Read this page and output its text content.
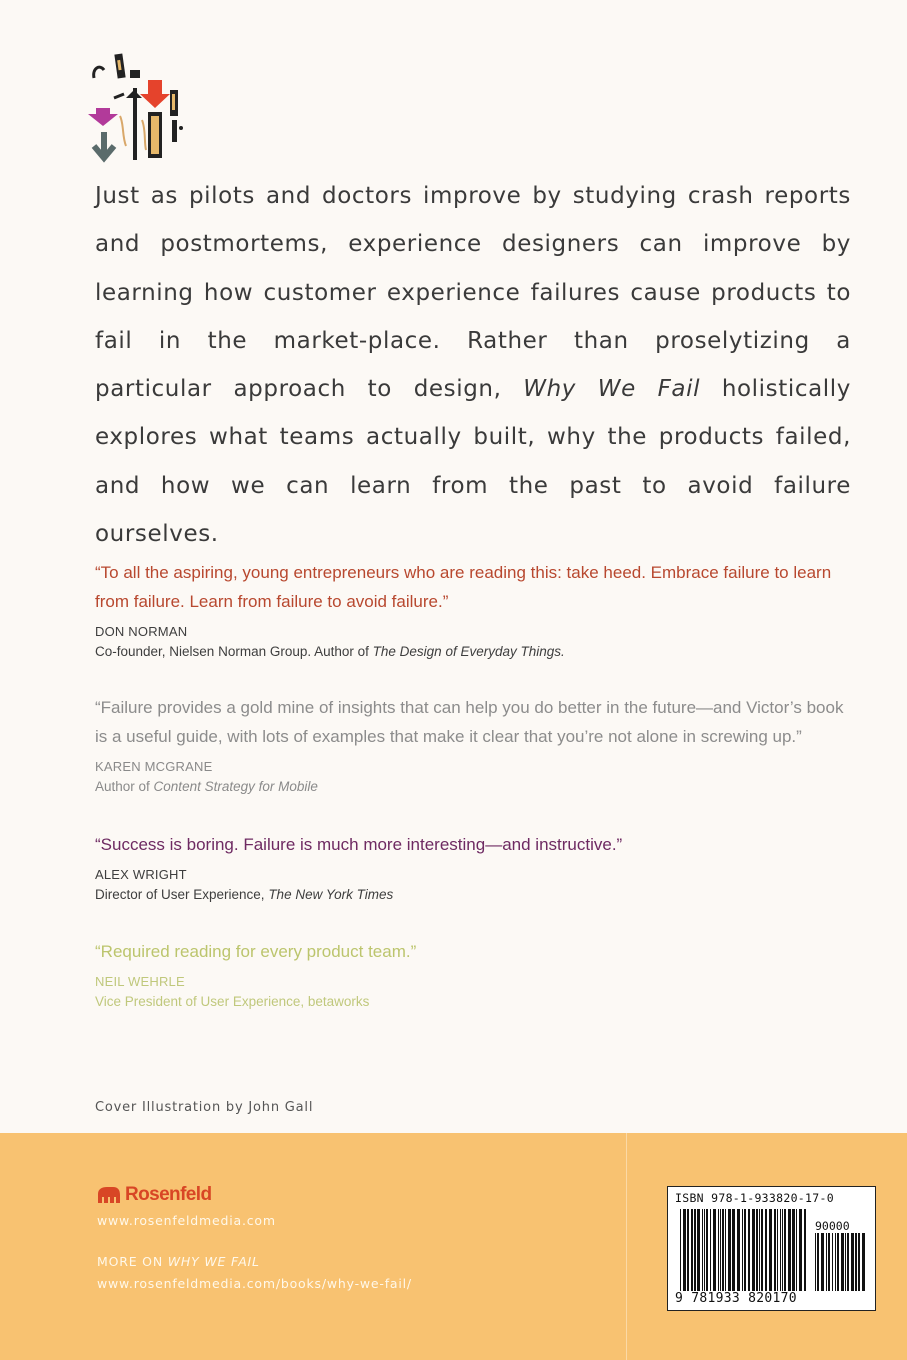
Just as pilots and doctors improve by studying crash reports and postmortems, experience designers can improve by learning how customer experience failures cause products to fail in the market-place. Rather than proselytizing a particular approach to design, Why We Fail holistically explores what teams actually built, why the products failed, and how we can learn from the past to avoid failure ourselves.

“To all the aspiring, young entrepreneurs who are reading this: take heed. Embrace failure to learn from failure. Learn from failure to avoid failure.”

DON NORMAN

Co-founder, Nielsen Norman Group. Author of The Design of Everyday Things.

“Failure provides a gold mine of insights that can help you do better in the future—and Victor’s book is a useful guide, with lots of examples that make it clear that you’re not alone in screwing up.”

KAREN MCGRANE

Author of Content Strategy for Mobile

“Success is boring. Failure is much more interesting—and instructive.”

ALEX WRIGHT

Director of User Experience, The New York Times

“Required reading for every product team.”

NEIL WEHRLE

Vice President of User Experience, betaworks

Cover Illustration by John Gall

Rosenfeld

www.rosenfeldmedia.com

MORE ON WHY WE FAIL

www.rosenfeldmedia.com/books/why-we-fail/

ISBN 978-1-933820-17-0

90000

9 781933 820170
